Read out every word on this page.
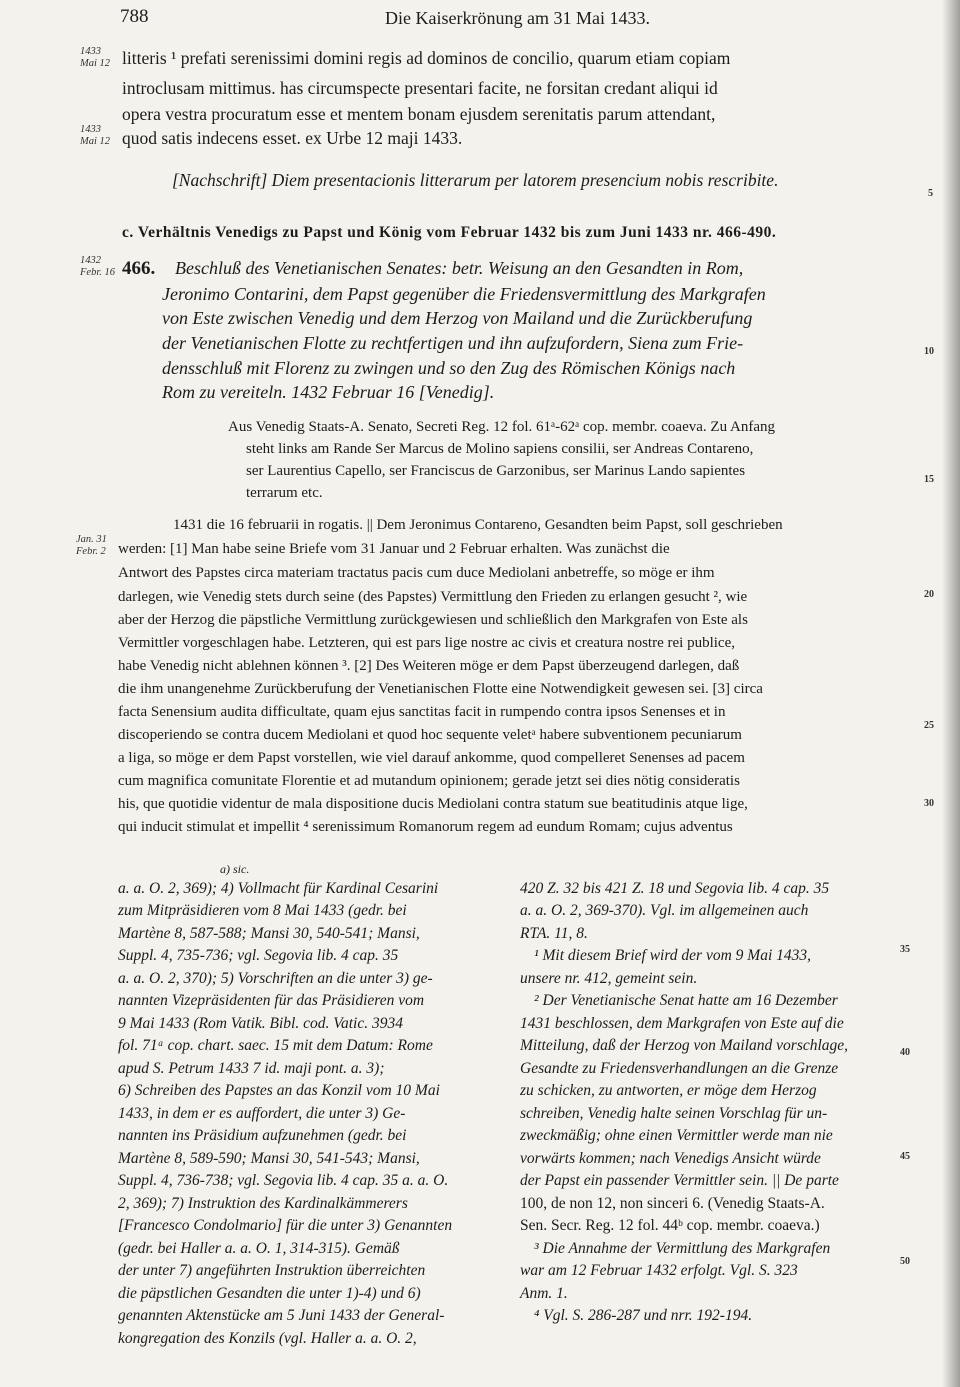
788	Die Kaiserkrönung am 31 Mai 1433.
1433
Mai 12
1433
Mai 12
1432
Febr. 16
Jan. 31
Febr. 2
5
10
15
20
25
30
35
40
45
50
litteris ¹ prefati serenissimi domini regis ad dominos de concilio, quarum etiam copiam
introclusam mittimus. has circumspecte presentari facite, ne forsitan credant aliqui id
opera vestra procuratum esse et mentem bonam ejusdem serenitatis parum attendant,
quod satis indecens esset. ex Urbe 12 maji 1433.
[Nachschrift] Diem presentacionis litterarum per latorem presencium nobis rescribite.
c. Verhältnis Venedigs zu Papst und König vom Februar 1432 bis zum Juni 1433 nr. 466-490.
466. Beschluß des Venetianischen Senates: betr. Weisung an den Gesandten in Rom,
Jeronimo Contarini, dem Papst gegenüber die Friedensvermittlung des Markgrafen
von Este zwischen Venedig und dem Herzog von Mailand und die Zurückberufung
der Venetianischen Flotte zu rechtfertigen und ihn aufzufordern, Siena zum Frie-
densschluß mit Florenz zu zwingen und so den Zug des Römischen Königs nach
Rom zu vereiteln. 1432 Februar 16 [Venedig].
Aus Venedig Staats-A. Senato, Secreti Reg. 12 fol. 61ᵃ-62ᵃ cop. membr. coaeva. Zu Anfang
steht links am Rande Ser Marcus de Molino sapiens consilii, ser Andreas Contareno,
ser Laurentius Capello, ser Franciscus de Garzonibus, ser Marinus Lando sapientes
terrarum etc.
1431 die 16 februarii in rogatis. || Dem Jeronimus Contareno, Gesandten beim Papst, soll geschrieben
werden: [1] Man habe seine Briefe vom 31 Januar und 2 Februar erhalten. Was zunächst die
Antwort des Papstes circa materiam tractatus pacis cum duce Mediolani anbetreffe, so möge er ihm
darlegen, wie Venedig stets durch seine (des Papstes) Vermittlung den Frieden zu erlangen gesucht ², wie
aber der Herzog die päpstliche Vermittlung zurückgewiesen und schließlich den Markgrafen von Este als
Vermittler vorgeschlagen habe. Letzteren, qui est pars lige nostre ac civis et creatura nostre rei publice,
habe Venedig nicht ablehnen können ³. [2] Des Weiteren möge er dem Papst überzeugend darlegen, daß
die ihm unangenehme Zurückberufung der Venetianischen Flotte eine Notwendigkeit gewesen sei. [3] circa
facta Senensium audita difficultate, quam ejus sanctitas facit in rumpendo contra ipsos Senenses et in
discoperiendo se contra ducem Mediolani et quod hoc sequente veletᵃ habere subventionem pecuniarum
a liga, so möge er dem Papst vorstellen, wie viel darauf ankomme, quod compelleret Senenses ad pacem
cum magnifica comunitate Florentie et ad mutandum opinionem; gerade jetzt sei dies nötig consideratis
his, que quotidie videntur de mala dispositione ducis Mediolani contra statum sue beatitudinis atque lige,
qui inducit stimulat et impellit ⁴ serenissimum Romanorum regem ad eundum Romam; cujus adventus
a) sic.
a. a. O. 2, 369); 4) Vollmacht für Kardinal Cesarini
zum Mitpräsidieren vom 8 Mai 1433 (gedr. bei
Martène 8, 587-588; Mansi 30, 540-541; Mansi,
Suppl. 4, 735-736; vgl. Segovia lib. 4 cap. 35
a. a. O. 2, 370); 5) Vorschriften an die unter 3) ge-
nannten Vizepräsidenten für das Präsidieren vom
9 Mai 1433 (Rom Vatik. Bibl. cod. Vatic. 3934
fol. 71ᵃ cop. chart. saec. 15 mit dem Datum: Rome
apud S. Petrum 1433 7 id. maji pont. a. 3);
6) Schreiben des Papstes an das Konzil vom 10 Mai
1433, in dem er es auffordert, die unter 3) Ge-
nannten ins Präsidium aufzunehmen (gedr. bei
Martène 8, 589-590; Mansi 30, 541-543; Mansi,
Suppl. 4, 736-738; vgl. Segovia lib. 4 cap. 35 a. a. O.
2, 369); 7) Instruktion des Kardinalkämmerers
[Francesco Condolmario] für die unter 3) Genannten
(gedr. bei Haller a. a. O. 1, 314-315). Gemäß
der unter 7) angeführten Instruktion überreichten
die päpstlichen Gesandten die unter 1)-4) und 6)
genannten Aktenstücke am 5 Juni 1433 der General-
kongregation des Konzils (vgl. Haller a. a. O. 2,
420 Z. 32 bis 421 Z. 18 und Segovia lib. 4 cap. 35
a. a. O. 2, 369-370). Vgl. im allgemeinen auch
RTA. 11, 8.
¹ Mit diesem Brief wird der vom 9 Mai 1433,
unsere nr. 412, gemeint sein.
² Der Venetianische Senat hatte am 16 Dezember
1431 beschlossen, dem Markgrafen von Este auf die
Mitteilung, daß der Herzog von Mailand vorschlage,
Gesandte zu Friedensverhandlungen an die Grenze
zu schicken, zu antworten, er möge dem Herzog
schreiben, Venedig halte seinen Vorschlag für un-
zweckmäßig; ohne einen Vermittler werde man nie
vorwärts kommen; nach Venedigs Ansicht würde
der Papst ein passender Vermittler sein. || De parte
100, de non 12, non sinceri 6. (Venedig Staats-A.
Sen. Secr. Reg. 12 fol. 44ᵇ cop. membr. coaeva.)
³ Die Annahme der Vermittlung des Markgrafen
war am 12 Februar 1432 erfolgt. Vgl. S. 323
Anm. 1.
⁴ Vgl. S. 286-287 und nrr. 192-194.
